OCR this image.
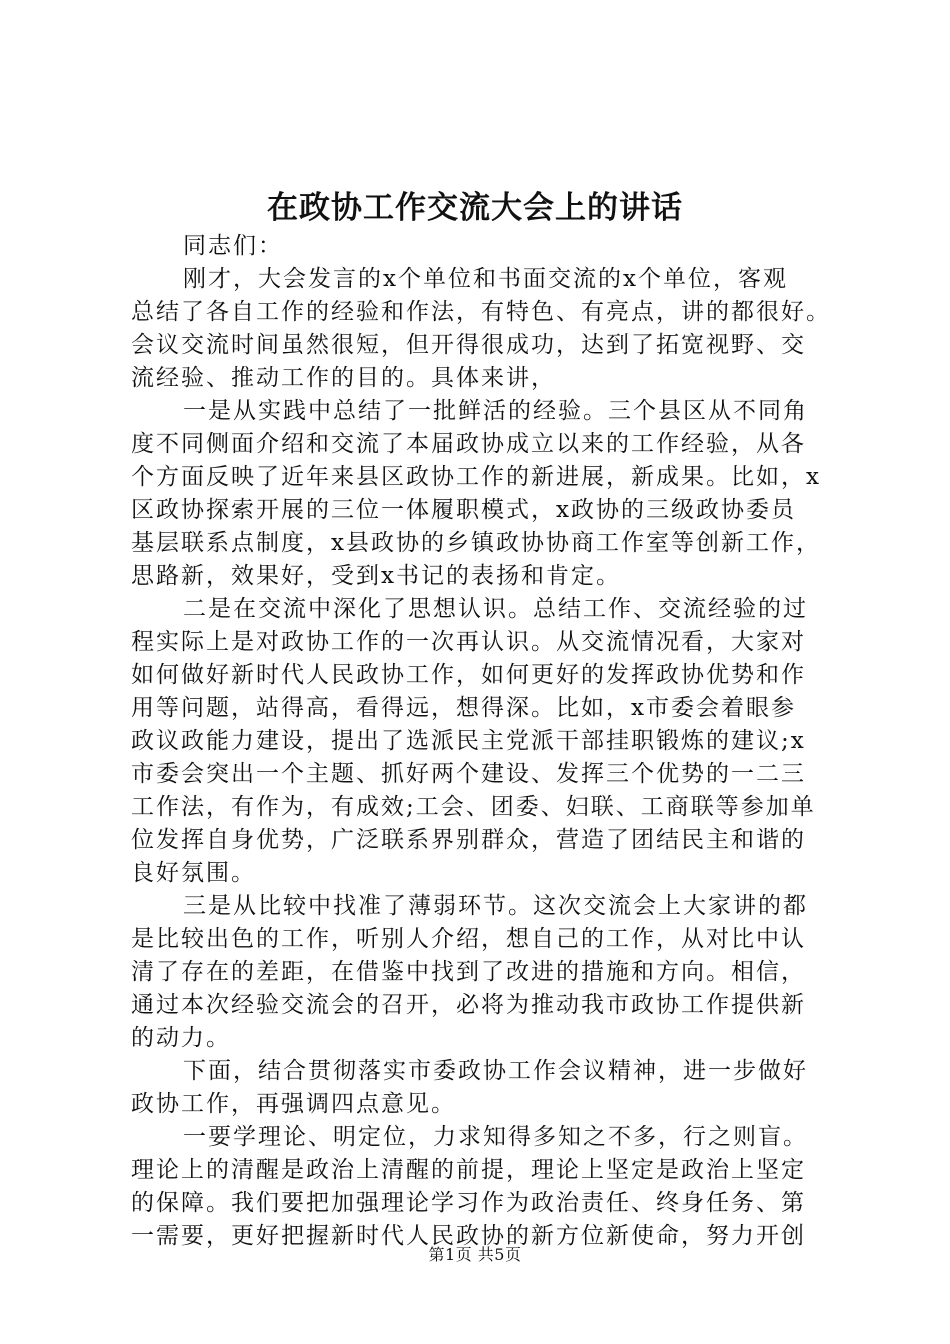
在政协工作交流大会上的讲话
同志们：
刚才，大会发言的x个单位和书面交流的x个单位，客观
总结了各自工作的经验和作法，有特色、有亮点，讲的都很好。
会议交流时间虽然很短，但开得很成功，达到了拓宽视野、交
流经验、推动工作的目的。具体来讲，
一是从实践中总结了一批鲜活的经验。三个县区从不同角
度不同侧面介绍和交流了本届政协成立以来的工作经验，从各
个方面反映了近年来县区政协工作的新进展，新成果。比如，x
区政协探索开展的三位一体履职模式，x政协的三级政协委员
基层联系点制度，x县政协的乡镇政协协商工作室等创新工作，
思路新，效果好，受到x书记的表扬和肯定。
二是在交流中深化了思想认识。总结工作、交流经验的过
程实际上是对政协工作的一次再认识。从交流情况看，大家对
如何做好新时代人民政协工作，如何更好的发挥政协优势和作
用等问题，站得高，看得远，想得深。比如，x市委会着眼参
政议政能力建设，提出了选派民主党派干部挂职锻炼的建议;x
市委会突出一个主题、抓好两个建设、发挥三个优势的一二三
工作法，有作为，有成效;工会、团委、妇联、工商联等参加单
位发挥自身优势，广泛联系界别群众，营造了团结民主和谐的
良好氛围。
三是从比较中找准了薄弱环节。这次交流会上大家讲的都
是比较出色的工作，听别人介绍，想自己的工作，从对比中认
清了存在的差距，在借鉴中找到了改进的措施和方向。相信，
通过本次经验交流会的召开，必将为推动我市政协工作提供新
的动力。
下面，结合贯彻落实市委政协工作会议精神，进一步做好
政协工作，再强调四点意见。
一要学理论、明定位，力求知得多知之不多，行之则盲。
理论上的清醒是政治上清醒的前提，理论上坚定是政治上坚定
的保障。我们要把加强理论学习作为政治责任、终身任务、第
一需要，更好把握新时代人民政协的新方位新使命，努力开创
第1页 共5页
